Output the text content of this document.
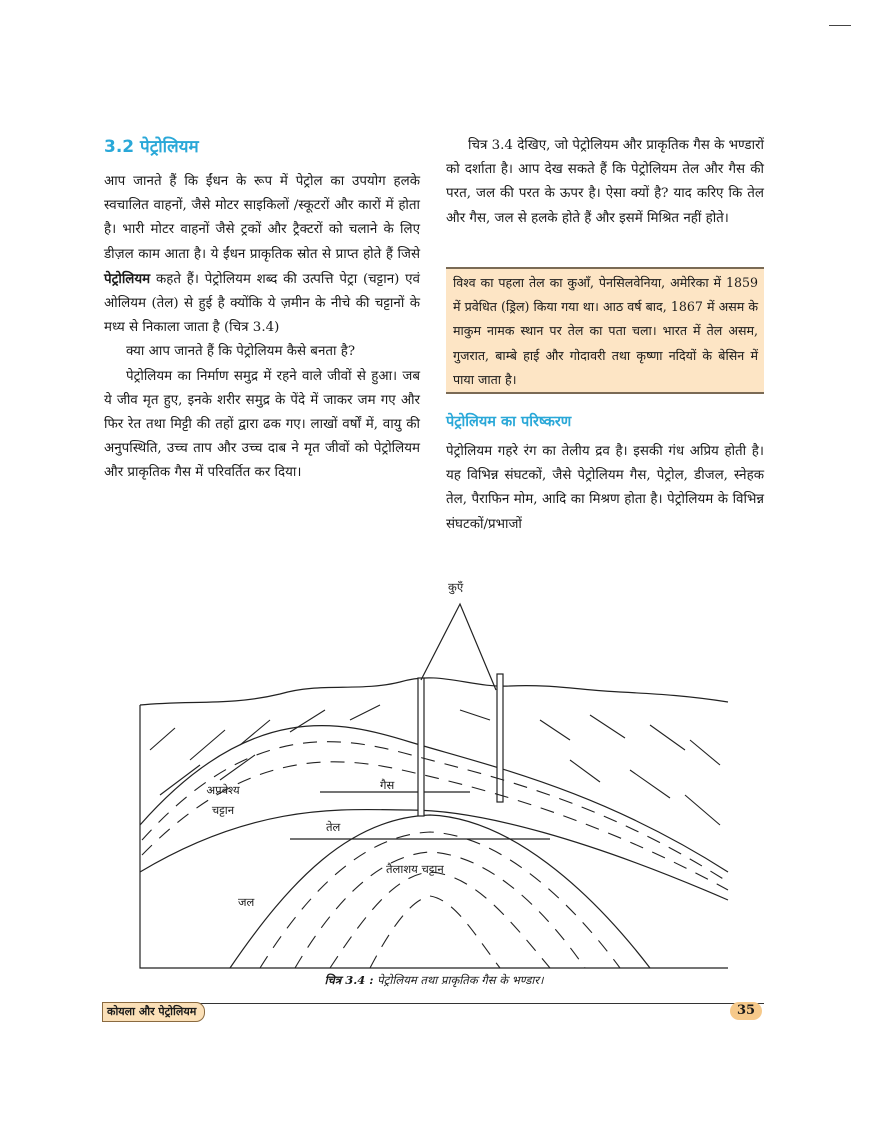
3.2 पेट्रोलियम

आप जानते हैं कि ईंधन के रूप में पेट्रोल का उपयोग हलके स्वचालित वाहनों, जैसे मोटर साइकिलों /स्कूटरों और कारों में होता है। भारी मोटर वाहनों जैसे ट्रकों और ट्रैक्टरों को चलाने के लिए डीज़ल काम आता है। ये ईंधन प्राकृतिक स्रोत से प्राप्त होते हैं जिसे पेट्रोलियम कहते हैं। पेट्रोलियम शब्द की उत्पत्ति पेट्रा (चट्टान) एवं ओलियम (तेल) से हुई है क्योंकि ये ज़मीन के नीचे की चट्टानों के मध्य से निकाला जाता है (चित्र 3.4)

क्या आप जानते हैं कि पेट्रोलियम कैसे बनता है?

पेट्रोलियम का निर्माण समुद्र में रहने वाले जीवों से हुआ। जब ये जीव मृत हुए, इनके शरीर समुद्र के पेंदे में जाकर जम गए और फिर रेत तथा मिट्टी की तहों द्वारा ढक गए। लाखों वर्षों में, वायु की अनुपस्थिति, उच्च ताप और उच्च दाब ने मृत जीवों को पेट्रोलियम और प्राकृतिक गैस में परिवर्तित कर दिया।

चित्र 3.4 देखिए, जो पेट्रोलियम और प्राकृतिक गैस के भण्डारों को दर्शाता है। आप देख सकते हैं कि पेट्रोलियम तेल और गैस की परत, जल की परत के ऊपर है। ऐसा क्यों है? याद करिए कि तेल और गैस, जल से हलके होते हैं और इसमें मिश्रित नहीं होते।

विश्व का पहला तेल का कुआँ, पेनसिलवेनिया, अमेरिका में 1859 में प्रवेधित (ड्रिल) किया गया था। आठ वर्ष बाद, 1867 में असम के माकुम नामक स्थान पर तेल का पता चला। भारत में तेल असम, गुजरात, बाम्बे हाई और गोदावरी तथा कृष्णा नदियों के बेसिन में पाया जाता है।

पेट्रोलियम का परिष्करण

पेट्रोलियम गहरे रंग का तेलीय द्रव है। इसकी गंध अप्रिय होती है। यह विभिन्न संघटकों, जैसे पेट्रोलियम गैस, पेट्रोल, डीजल, स्नेहक तेल, पैराफिन मोम, आदि का मिश्रण होता है। पेट्रोलियम के विभिन्न संघटकों/प्रभाजों

कुएँ
अप्रवेश्य चट्टान
गैस
तेल
तैलाशय चट्टान
जल
चित्र 3.4 : पेट्रोलियम तथा प्राकृतिक गैस के भण्डार।
कोयला और पेट्रोलियम	35
